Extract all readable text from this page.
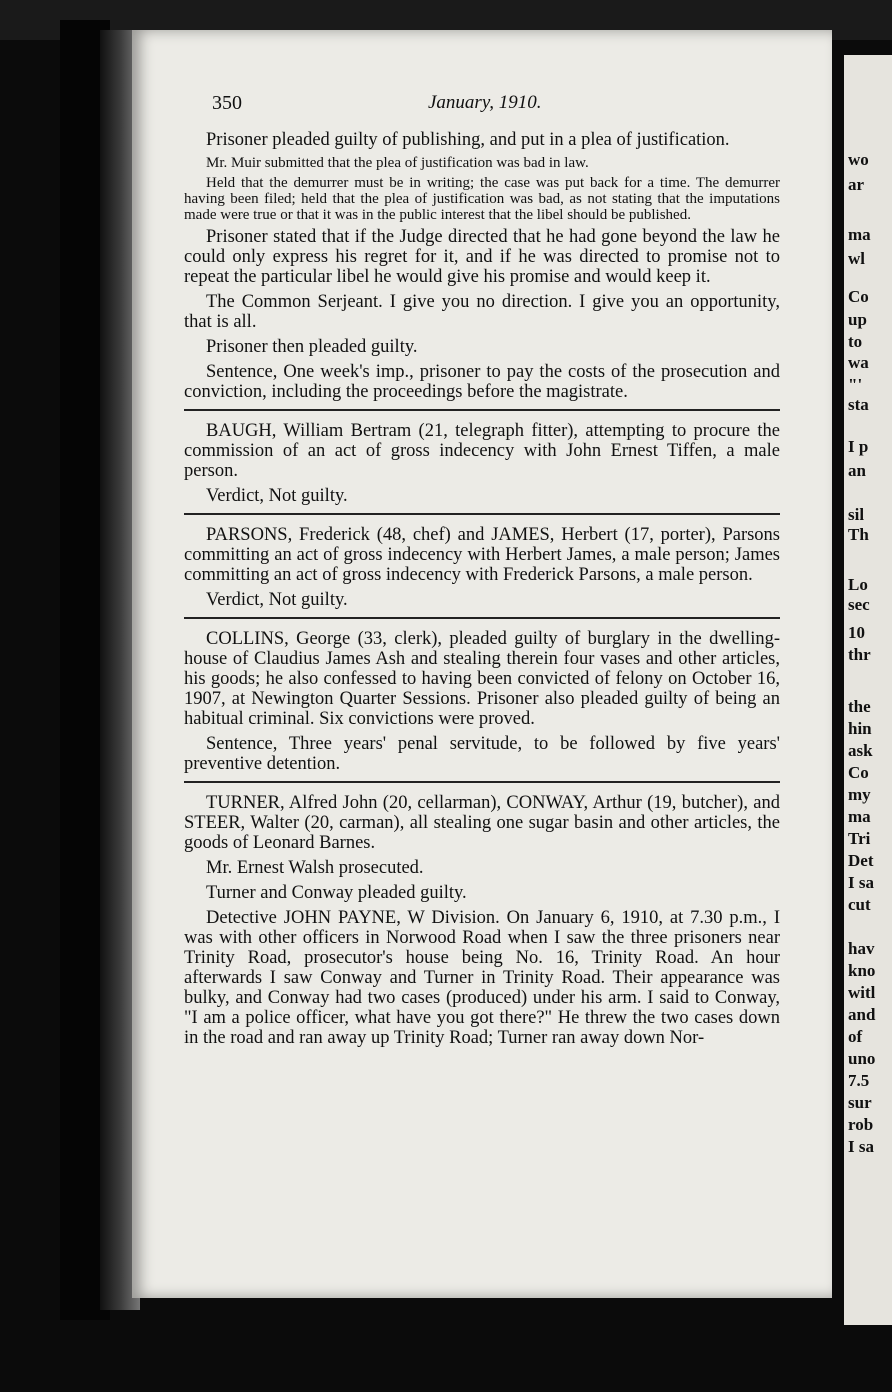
350	January, 1910.

Prisoner pleaded guilty of publishing, and put in a plea of justification.

Mr. Muir submitted that the plea of justification was bad in law.

Held that the demurrer must be in writing; the case was put back for a time. The demurrer having been filed; held that the plea of justification was bad, as not stating that the imputations made were true or that it was in the public interest that the libel should be published.

Prisoner stated that if the Judge directed that he had gone beyond the law he could only express his regret for it, and if he was directed to promise not to repeat the particular libel he would give his promise and would keep it.

The Common Serjeant. I give you no direction. I give you an opportunity, that is all.

Prisoner then pleaded guilty.

Sentence, One week's imp., prisoner to pay the costs of the prosecution and conviction, including the proceedings before the magistrate.

BAUGH, William Bertram (21, telegraph fitter), attempting to procure the commission of an act of gross indecency with John Ernest Tiffen, a male person.

Verdict, Not guilty.

PARSONS, Frederick (48, chef) and JAMES, Herbert (17, porter), Parsons committing an act of gross indecency with Herbert James, a male person; James committing an act of gross indecency with Frederick Parsons, a male person.

Verdict, Not guilty.

COLLINS, George (33, clerk), pleaded guilty of burglary in the dwelling-house of Claudius James Ash and stealing therein four vases and other articles, his goods; he also confessed to having been convicted of felony on October 16, 1907, at Newington Quarter Sessions. Prisoner also pleaded guilty of being an habitual criminal. Six convictions were proved.

Sentence, Three years' penal servitude, to be followed by five years' preventive detention.

TURNER, Alfred John (20, cellarman), CONWAY, Arthur (19, butcher), and STEER, Walter (20, carman), all stealing one sugar basin and other articles, the goods of Leonard Barnes.

Mr. Ernest Walsh prosecuted.

Turner and Conway pleaded guilty.

Detective JOHN PAYNE, W Division. On January 6, 1910, at 7.30 p.m., I was with other officers in Norwood Road when I saw the three prisoners near Trinity Road, prosecutor's house being No. 16, Trinity Road. An hour afterwards I saw Conway and Turner in Trinity Road. Their appearance was bulky, and Conway had two cases (produced) under his arm. I said to Conway, "I am a police officer, what have you got there?" He threw the two cases down in the road and ran away up Trinity Road; Turner ran away down Nor-

wo
ar
ma
wl
Co
up
to
wa
"'
sta
I p
an
sil
Th
Lo
sec
10
thr
the
hin
ask
Co
my
ma
Tri
Det
I sa
cut
hav
kno
witl
and
of
uno
7.5
sur
rob
I sa
